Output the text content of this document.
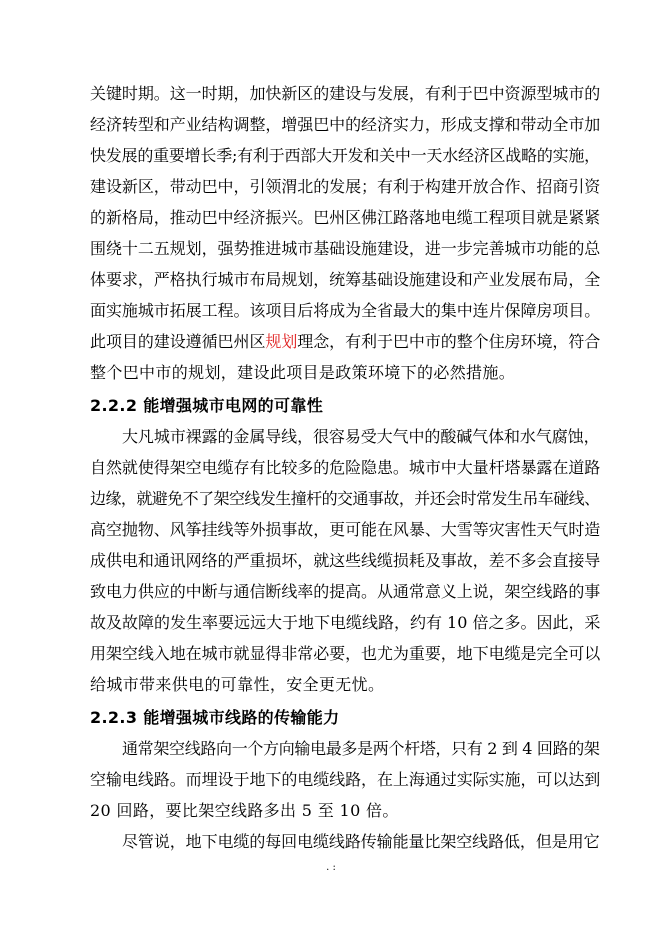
关键时期。这一时期，加快新区的建设与发展，有利于巴中资源型城市的
经济转型和产业结构调整，增强巴中的经济实力，形成支撑和带动全市加
快发展的重要增长季;有利于西部大开发和关中一天水经济区战略的实施，
建设新区，带动巴中，引领渭北的发展；有利于构建开放合作、招商引资
的新格局，推动巴中经济振兴。巴州区佛江路落地电缆工程项目就是紧紧
围绕十二五规划，强势推进城市基础设施建设，进一步完善城市功能的总
体要求，严格执行城市布局规划，统筹基础设施建设和产业发展布局，全
面实施城市拓展工程。该项目后将成为全省最大的集中连片保障房项目。
此项目的建设遵循巴州区规划理念，有利于巴中市的整个住房环境，符合
整个巴中市的规划，建设此项目是政策环境下的必然措施。
2.2.2 能增强城市电网的可靠性
大凡城市裸露的金属导线，很容易受大气中的酸碱气体和水气腐蚀，
自然就使得架空电缆存有比较多的危险隐患。城市中大量杆塔暴露在道路
边缘，就避免不了架空线发生撞杆的交通事故，并还会时常发生吊车碰线、
高空抛物、风筝挂线等外损事故，更可能在风暴、大雪等灾害性天气时造
成供电和通讯网络的严重损坏，就这些线缆损耗及事故，差不多会直接导
致电力供应的中断与通信断线率的提高。从通常意义上说，架空线路的事
故及故障的发生率要远远大于地下电缆线路，约有 10 倍之多。因此，采
用架空线入地在城市就显得非常必要，也尤为重要，地下电缆是完全可以
给城市带来供电的可靠性，安全更无忧。
2.2.3 能增强城市线路的传输能力
通常架空线路向一个方向输电最多是两个杆塔，只有 2 到 4 回路的架
空输电线路。而埋设于地下的电缆线路，在上海通过实际实施，可以达到
20 回路，要比架空线路多出 5 至 10 倍。
尽管说，地下电缆的每回电缆线路传输能量比架空线路低，但是用它
. :
